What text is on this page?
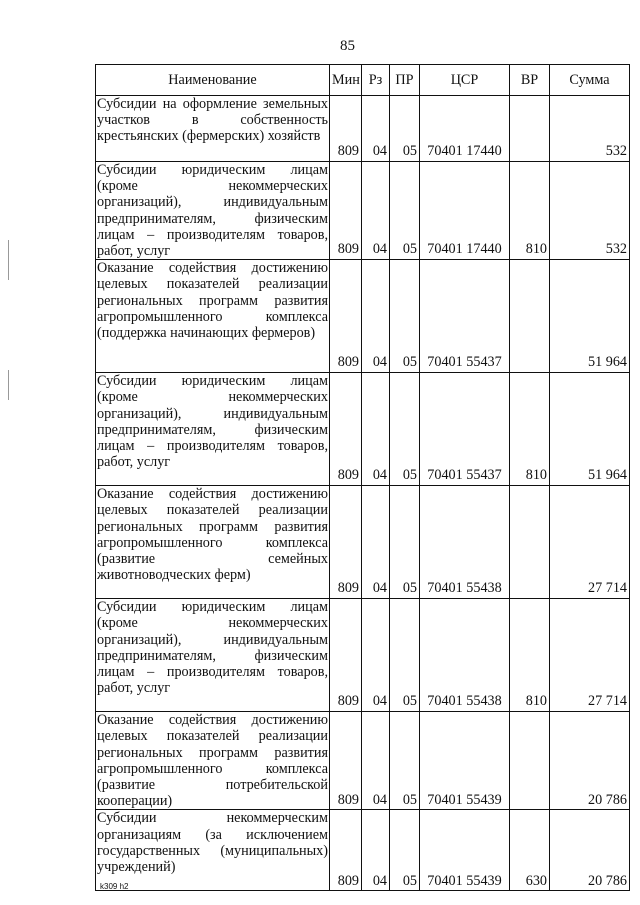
85
Наименование	Мин	Рз	ПР	ЦСР	ВР	Сумма
Субсидии на оформление земельных участков в собственность крестьянских (фермерских) хозяйств	809	04	05	70401 17440		532
Субсидии юридическим лицам (кроме некоммерческих организаций), индивидуальным предпринимателям, физическим лицам – производителям товаров, работ, услуг	809	04	05	70401 17440	810	532
Оказание содействия достижению целевых показателей реализации региональных программ развития агропромышленного комплекса (поддержка начинающих фермеров)	809	04	05	70401 55437		51 964
Субсидии юридическим лицам (кроме некоммерческих организаций), индивидуальным предпринимателям, физическим лицам – производителям товаров, работ, услуг	809	04	05	70401 55437	810	51 964
Оказание содействия достижению целевых показателей реализации региональных программ развития агропромышленного комплекса (развитие семейных животноводческих ферм)	809	04	05	70401 55438		27 714
Субсидии юридическим лицам (кроме некоммерческих организаций), индивидуальным предпринимателям, физическим лицам – производителям товаров, работ, услуг	809	04	05	70401 55438	810	27 714
Оказание содействия достижению целевых показателей реализации региональных программ развития агропромышленного комплекса (развитие потребительской кооперации)	809	04	05	70401 55439		20 786
Субсидии некоммерческим организациям (за исключением государственных (муниципальных) учреждений)	809	04	05	70401 55439	630	20 786
k309 h2
